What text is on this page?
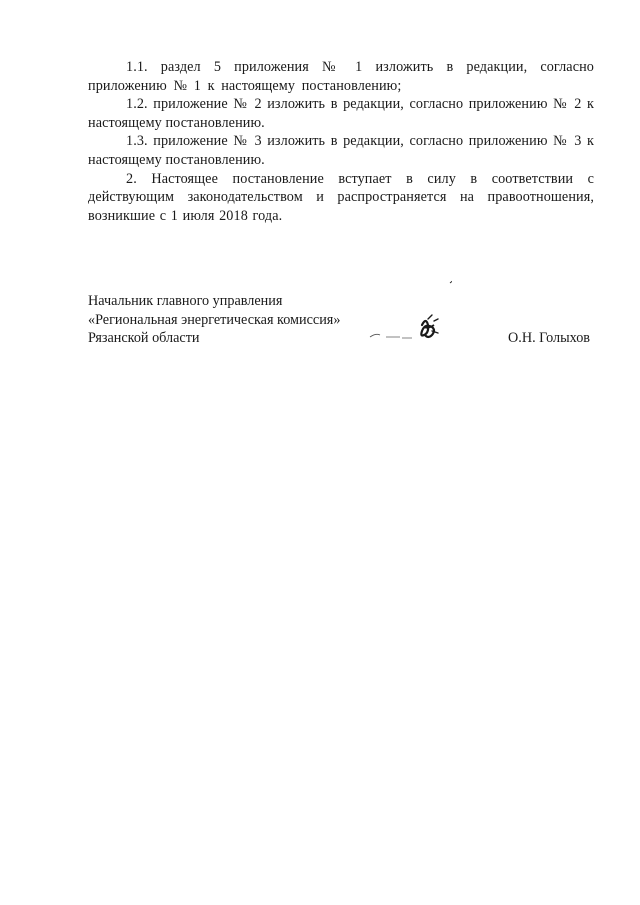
1.1. раздел 5 приложения № 1 изложить в редакции, согласно приложению № 1 к настоящему постановлению;

1.2. приложение № 2 изложить в редакции, согласно приложению № 2 к настоящему постановлению.

1.3. приложение № 3 изложить в редакции, согласно приложению № 3 к настоящему постановлению.

2. Настоящее постановление вступает в силу в соответствии с действующим законодательством и распространяется на правоотношения, возникшие с 1 июля 2018 года.

Начальник главного управления

«Региональная энергетическая комиссия»

Рязанской области	О.Н. Голыхов
